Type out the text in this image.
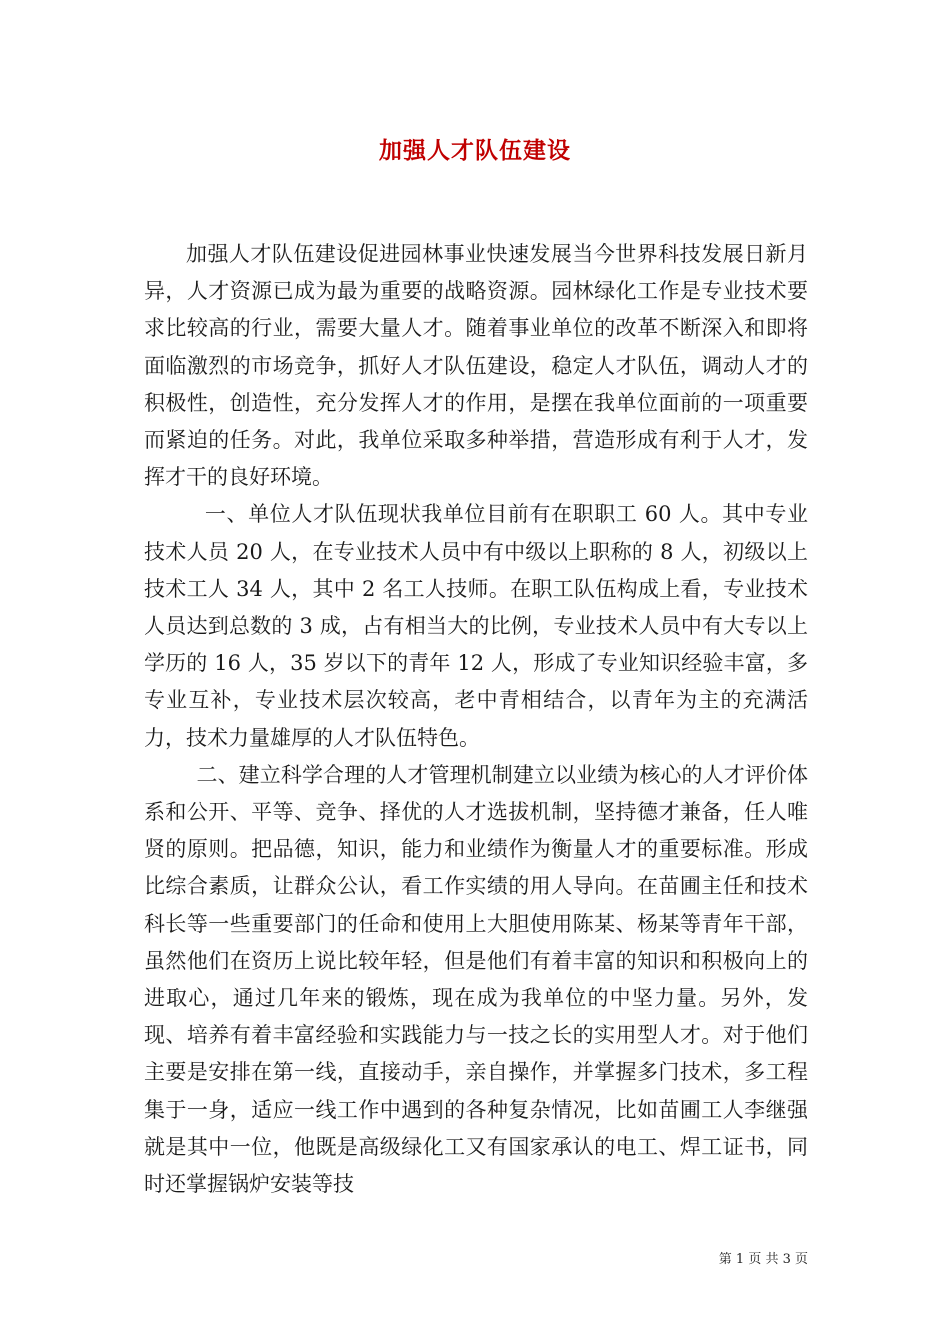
加强人才队伍建设

加强人才队伍建设促进园林事业快速发展当今世界科技发展日新月异，人才资源已成为最为重要的战略资源。园林绿化工作是专业技术要求比较高的行业，需要大量人才。随着事业单位的改革不断深入和即将面临激烈的市场竞争，抓好人才队伍建设，稳定人才队伍，调动人才的积极性，创造性，充分发挥人才的作用，是摆在我单位面前的一项重要而紧迫的任务。对此，我单位采取多种举措，营造形成有利于人才，发挥才干的良好环境。

一、单位人才队伍现状我单位目前有在职职工 60 人。其中专业技术人员 20 人，在专业技术人员中有中级以上职称的 8 人，初级以上技术工人 34 人，其中 2 名工人技师。在职工队伍构成上看，专业技术人员达到总数的 3 成，占有相当大的比例，专业技术人员中有大专以上学历的 16 人，35 岁以下的青年 12 人，形成了专业知识经验丰富，多专业互补，专业技术层次较高，老中青相结合，以青年为主的充满活力，技术力量雄厚的人才队伍特色。

二、建立科学合理的人才管理机制建立以业绩为核心的人才评价体系和公开、平等、竞争、择优的人才选拔机制，坚持德才兼备，任人唯贤的原则。把品德，知识，能力和业绩作为衡量人才的重要标准。形成比综合素质，让群众公认，看工作实绩的用人导向。在苗圃主任和技术科长等一些重要部门的任命和使用上大胆使用陈某、杨某等青年干部，虽然他们在资历上说比较年轻，但是他们有着丰富的知识和积极向上的进取心，通过几年来的锻炼，现在成为我单位的中坚力量。另外，发现、培养有着丰富经验和实践能力与一技之长的实用型人才。对于他们主要是安排在第一线，直接动手，亲自操作，并掌握多门技术，多工程集于一身，适应一线工作中遇到的各种复杂情况，比如苗圃工人李继强就是其中一位，他既是高级绿化工又有国家承认的电工、焊工证书，同时还掌握锅炉安装等技

第 1 页 共 3 页
